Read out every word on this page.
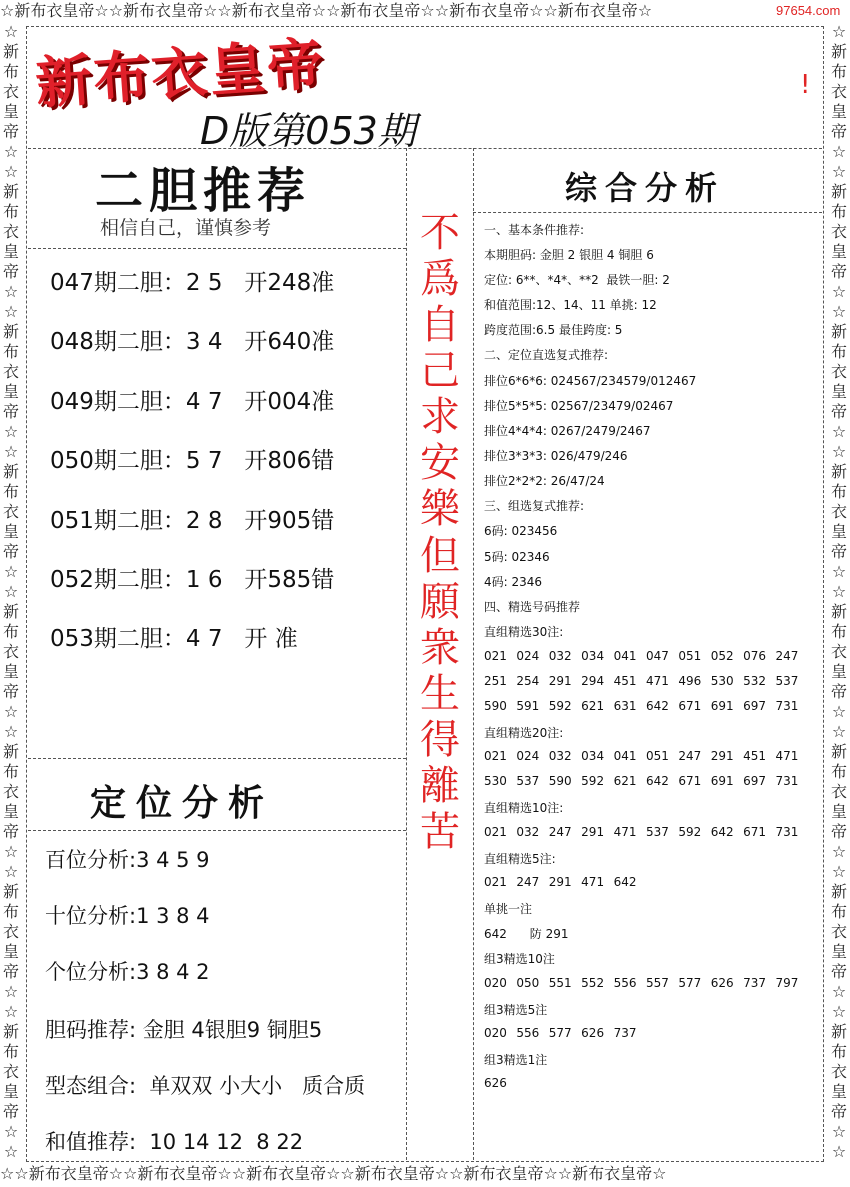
☆新布衣皇帝☆☆新布衣皇帝☆☆新布衣皇帝☆☆新布衣皇帝☆☆新布衣皇帝☆☆新布衣皇帝☆
☆☆新布衣皇帝☆☆新布衣皇帝☆☆新布衣皇帝☆☆新布衣皇帝☆☆新布衣皇帝☆☆新布衣皇帝☆
☆新布衣皇帝☆☆新布衣皇帝☆☆新布衣皇帝☆☆新布衣皇帝☆☆新布衣皇帝☆☆新布衣皇帝☆☆新布衣皇帝☆☆新布衣皇帝☆☆
☆新布衣皇帝☆☆新布衣皇帝☆☆新布衣皇帝☆☆新布衣皇帝☆☆新布衣皇帝☆☆新布衣皇帝☆☆新布衣皇帝☆☆新布衣皇帝☆☆
97654.com
新布衣皇帝
D版第053期
!
二胆推荐
相信自己，谨慎参考
047期二胆：2 5   开248准
048期二胆：3 4   开640准
049期二胆：4 7   开004准
050期二胆：5 7   开806错
051期二胆：2 8   开905错
052期二胆：1 6   开585错
053期二胆：4 7   开 准
不爲自己求安樂
但願衆生得離苦
定位分析
百位分析:3 4 5 9
十位分析:1 3 8 4
个位分析:3 8 4 2
胆码推荐: 金胆 4银胆9 铜胆5
型态组合:  单双双 小大小   质合质
和值推荐:  10 14 12  8 22
综合分析
一、基本条件推荐:
本期胆码: 金胆 2 银胆 4 铜胆 6
定位: 6**、*4*、**2  最铁一胆: 2
和值范围:12、14、11 单挑: 12
跨度范围:6.5 最佳跨度: 5
二、定位直选复式推荐:
排位6*6*6: 024567/234579/012467
排位5*5*5: 02567/23479/02467
排位4*4*4: 0267/2479/2467
排位3*3*3: 026/479/246
排位2*2*2: 26/47/24
三、组选复式推荐:
6码: 023456
5码: 02346
4码: 2346
四、精选号码推荐
直组精选30注:
021 024 032 034 041 047 051 052 076 247
251 254 291 294 451 471 496 530 532 537
590 591 592 621 631 642 671 691 697 731
直组精选20注:
021 024 032 034 041 051 247 291 451 471
530 537 590 592 621 642 671 691 697 731
直组精选10注:
021 032 247 291 471 537 592 642 671 731
直组精选5注:
021 247 291 471 642
单挑一注
642      防 291
组3精选10注
020 050 551 552 556 557 577 626 737 797
组3精选5注
020 556 577 626 737
组3精选1注
626
